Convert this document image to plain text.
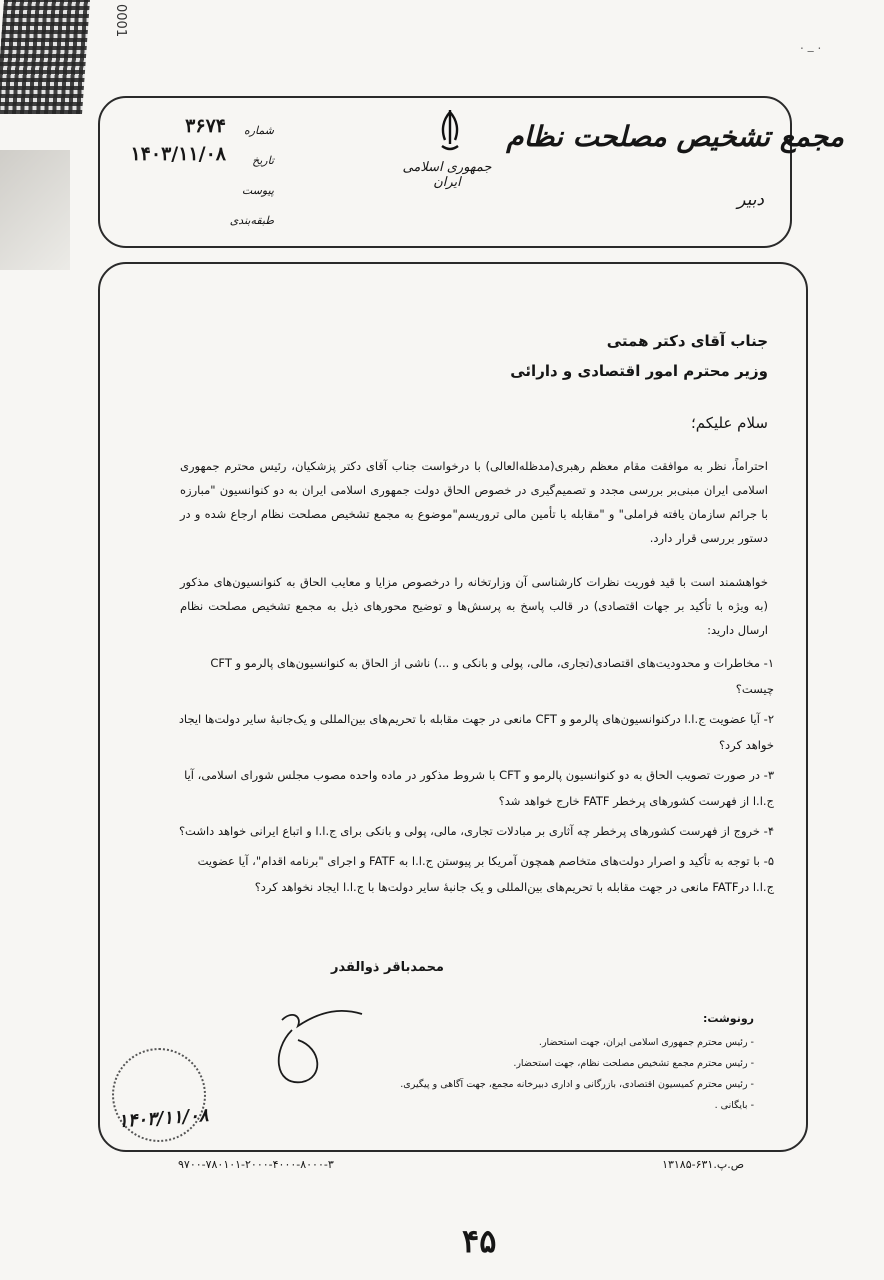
0001
. _ .
مجمع تشخیص مصلحت نظام
دبیر
جمهوری اسلامی ایران
شماره
تاریخ
پیوست
طبقه‌بندی
۳۶۷۴
۱۴۰۳/۱۱/۰۸
جناب آقای دکتر همتی
وزیر محترم امور اقتصادی و دارائی
سلام علیکم؛
احتراماً، نظر به موافقت مقام معظم رهبری(مدظله‌العالی) با درخواست جناب آقای دکتر پزشکیان، رئیس محترم جمهوری اسلامی ایران مبنی‌بر بررسی مجدد و تصمیم‌گیری در خصوص الحاق دولت جمهوری اسلامی ایران به دو کنوانسیون "مبارزه با جرائم سازمان یافته فراملی" و "مقابله با تأمین مالی تروریسم"موضوع به مجمع تشخیص مصلحت نظام ارجاع شده و در دستور بررسی قرار دارد.
خواهشمند است با قید فوریت نظرات کارشناسی آن وزارتخانه را درخصوص مزایا و معایب الحاق به کنوانسیون‌های مذکور (به ویژه با تأکید بر جهات اقتصادی) در قالب پاسخ به پرسش‌ها و توضیح محورهای ذیل به مجمع تشخیص مصلحت نظام ارسال دارید:
۱- مخاطرات و محدودیت‌های اقتصادی(تجاری، مالی، پولی و بانکی و ...) ناشی از الحاق به کنوانسیون‌های پالرمو و CFT چیست؟
۲- آیا عضویت ج.ا.ا درکنوانسیون‌های پالرمو و CFT مانعی در جهت مقابله با تحریم‌های بین‌المللی و یک‌جانبهٔ سایر دولت‌ها ایجاد خواهد کرد؟
۳- در صورت تصویب الحاق به دو کنوانسیون پالرمو و CFT با شروط مذکور در ماده واحده مصوب مجلس شورای اسلامی، آیا ج.ا.ا از فهرست کشورهای پرخطر FATF خارج خواهد شد؟
۴- خروج از فهرست کشورهای پرخطر چه آثاری بر مبادلات تجاری، مالی، پولی و بانکی برای ج.ا.ا و اتباع ایرانی خواهد داشت؟
۵- با توجه به تأکید و اصرار دولت‌های متخاصم همچون آمریکا بر پیوستن ج.ا.ا به FATF و اجرای "برنامه اقدام"، آیا عضویت ج.ا.ا درFATF مانعی در جهت مقابله با تحریم‌های بین‌المللی و یک جانبهٔ سایر دولت‌ها با ج.ا.ا ایجاد نخواهد کرد؟
محمدباقر ذوالقدر
رونوشت:
- رئیس محترم جمهوری اسلامی ایران، جهت استحضار.
- رئیس محترم مجمع تشخیص مصلحت نظام، جهت استحضار.
- رئیس محترم کمیسیون اقتصادی، بازرگانی و اداری دبیرخانه مجمع، جهت آگاهی و پیگیری.
- بایگانی .
۱۴۰۳/۱۱/۰۸
ص.پ.۶۳۱-۱۳۱۸۵
۹۷۰۰-۷۸۰۱۰۱-۲۰۰۰-۴۰۰۰-۸۰۰۰-۳
۴۵
